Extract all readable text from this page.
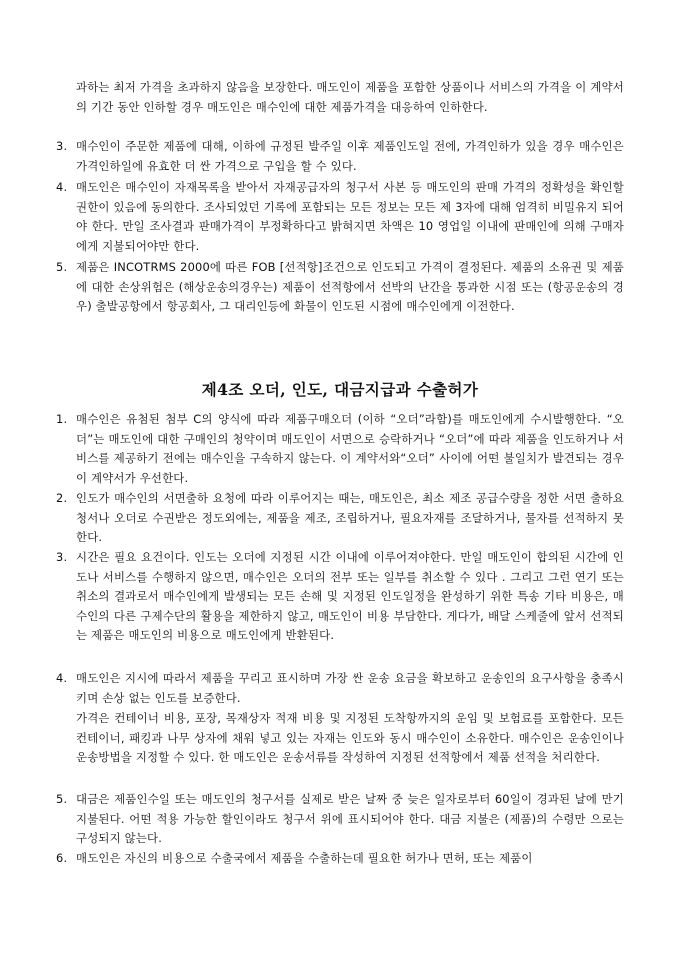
과하는 최저 가격을 초과하지 않음을 보장한다. 매도인이 제품을 포함한 상품이나 서비스의 가격을 이 계약서의 기간 동안 인하할 경우 매도인은 매수인에 대한 제품가격을 대응하여 인하한다.
3. 매수인이 주문한 제품에 대해, 이하에 규정된 발주일 이후 제품인도일 전에, 가격인하가 있을 경우 매수인은 가격인하일에 유효한 더 싼 가격으로 구입을 할 수 있다.
4. 매도인은 매수인이 자재목록을 받아서 자재공급자의 청구서 사본 등 매도인의 판매 가격의 정확성을 확인할 권한이 있음에 동의한다. 조사되었던 기록에 포함되는 모든 정보는 모든 제 3자에 대해 엄격히 비밀유지 되어야 한다. 만일 조사결과 판매가격이 부정확하다고 밝혀지면 차액은 10 영업일 이내에 판매인에 의해 구매자에게 지불되어야만 한다.
5. 제품은 INCOTRMS 2000에 따른 FOB [선적항]조건으로 인도되고 가격이 결정된다. 제품의 소유권 및 제품에 대한 손상위험은 (해상운송의경우는) 제품이 선적항에서 선박의 난간을 통과한 시점 또는 (항공운송의 경우) 출발공항에서 항공회사, 그 대리인등에 화물이 인도된 시점에 매수인에게 이전한다.
제4조 오더, 인도, 대금지급과 수출허가
1. 매수인은 유첨된 첨부 C의 양식에 따라 제품구매오더 (이하 “오더”라함)를 매도인에게 수시발행한다. “오더”는 매도인에 대한 구매인의 청약이며 매도인이 서면으로 승락하거나 “오더”에 따라 제품을 인도하거나 서비스를 제공하기 전에는 매수인을 구속하지 않는다. 이 계약서와“오더” 사이에 어떤 불일치가 발견되는 경우 이 계약서가 우선한다.
2. 인도가 매수인의 서면출하 요청에 따라 이루어지는 때는, 매도인은, 최소 제조 공급수량을 정한 서면 출하요청서나 오더로 수권받은 정도외에는, 제품을 제조, 조립하거나, 필요자재를 조달하거나, 물자를 선적하지 못한다.
3. 시간은 필요 요건이다. 인도는 오더에 지정된 시간 이내에 이루어져야한다. 만일 매도인이 합의된 시간에 인도나 서비스를 수행하지 않으면, 매수인은 오더의 전부 또는 일부를 취소할 수 있다 . 그리고 그런 연기 또는 취소의 결과로서 매수인에게 발생되는 모든 손해 및 지정된 인도일정을 완성하기 위한 특송 기타 비용은, 매수인의 다른 구제수단의 활용을 제한하지 않고, 매도인이 비용 부담한다. 게다가, 배달 스케줄에 앞서 선적되는 제품은 매도인의 비용으로 매도인에게 반환된다.
4. 매도인은 지시에 따라서 제품을 꾸리고 표시하며 가장 싼 운송 요금을 확보하고 운송인의 요구사항을 충족시키며 손상 없는 인도를 보증한다.
가격은 컨테이너 비용, 포장, 목재상자 적재 비용 및 지정된 도착항까지의 운임 및 보험료를 포함한다. 모든 컨테이너, 패킹과 나무 상자에 채워 넣고 있는 자재는 인도와 동시 매수인이 소유한다. 매수인은 운송인이나 운송방법을 지정할 수 있다. 한 매도인은 운송서류를 작성하여 지정된 선적항에서 제품 선적을 처리한다.
5. 대금은 제품인수일 또는 매도인의 청구서를 실제로 받은 날짜 중 늦은 일자로부터 60일이 경과된 날에 만기 지불된다. 어떤 적용 가능한 할인이라도 청구서 위에 표시되어야 한다. 대금 지불은 (제품)의 수령만 으로는 구성되지 않는다.
6. 매도인은 자신의 비용으로 수출국에서 제품을 수출하는데 필요한 허가나 면허, 또는 제품이
